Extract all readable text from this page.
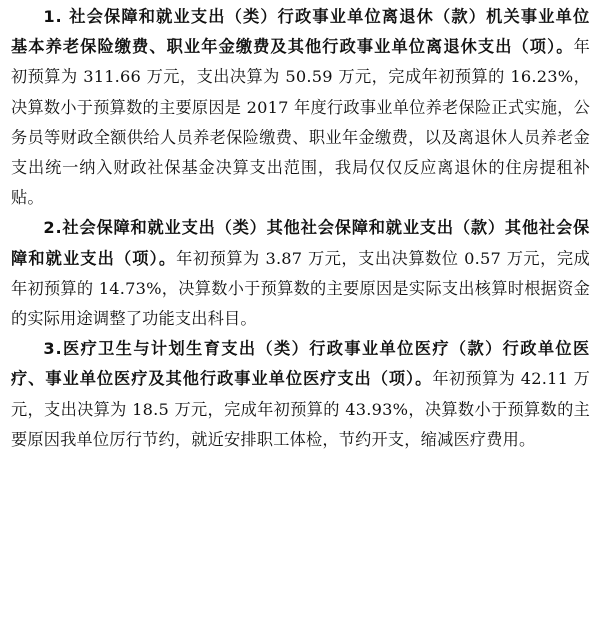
1. 社会保障和就业支出（类）行政事业单位离退休（款）机关事业单位基本养老保险缴费、职业年金缴费及其他行政事业单位离退休支出（项）。年初预算为 311.66 万元，支出决算为 50.59 万元，完成年初预算的 16.23%，决算数小于预算数的主要原因是 2017 年度行政事业单位养老保险正式实施，公务员等财政全额供给人员养老保险缴费、职业年金缴费，以及离退休人员养老金支出统一纳入财政社保基金决算支出范围，我局仅仅反应离退休的住房提租补贴。

2.社会保障和就业支出（类）其他社会保障和就业支出（款）其他社会保障和就业支出（项）。年初预算为 3.87 万元，支出决算数位 0.57 万元，完成年初预算的 14.73%，决算数小于预算数的主要原因是实际支出核算时根据资金的实际用途调整了功能支出科目。

3.医疗卫生与计划生育支出（类）行政事业单位医疗（款）行政单位医疗、事业单位医疗及其他行政事业单位医疗支出（项）。年初预算为 42.11 万元，支出决算为 18.5 万元，完成年初预算的 43.93%，决算数小于预算数的主要原因我单位厉行节约，就近安排职工体检，节约开支，缩减医疗费用。
